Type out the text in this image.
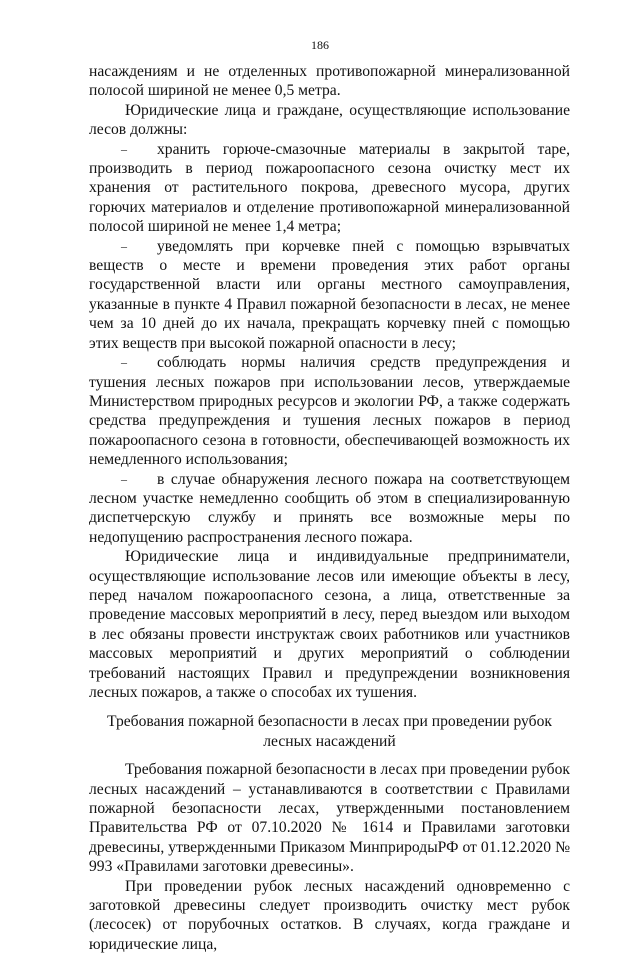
186

насаждениям и не отделенных противопожарной минерализованной полосой шириной не менее 0,5 метра.

Юридические лица и граждане, осуществляющие использование лесов должны:

– хранить горюче-смазочные материалы в закрытой таре, производить в период пожароопасного сезона очистку мест их хранения от растительного покрова, древесного мусора, других горючих материалов и отделение противопожарной минерализованной полосой шириной не менее 1,4 метра;

– уведомлять при корчевке пней с помощью взрывчатых веществ о месте и времени проведения этих работ органы государственной власти или органы местного самоуправления, указанные в пункте 4 Правил пожарной безопасности в лесах, не менее чем за 10 дней до их начала, прекращать корчевку пней с помощью этих веществ при высокой пожарной опасности в лесу;

– соблюдать нормы наличия средств предупреждения и тушения лесных пожаров при использовании лесов, утверждаемые Министерством природных ресурсов и экологии РФ, а также содержать средства предупреждения и тушения лесных пожаров в период пожароопасного сезона в готовности, обеспечивающей возможность их немедленного использования;

– в случае обнаружения лесного пожара на соответствующем лесном участке немедленно сообщить об этом в специализированную диспетчерскую службу и принять все возможные меры по недопущению распространения лесного пожара.

Юридические лица и индивидуальные предприниматели, осуществляющие использование лесов или имеющие объекты в лесу, перед началом пожароопасного сезона, а лица, ответственные за проведение массовых мероприятий в лесу, перед выездом или выходом в лес обязаны провести инструктаж своих работников или участников массовых мероприятий и других мероприятий о соблюдении требований настоящих Правил и предупреждении возникновения лесных пожаров, а также о способах их тушения.

Требования пожарной безопасности в лесах при проведении рубок лесных насаждений

Требования пожарной безопасности в лесах при проведении рубок лесных насаждений – устанавливаются в соответствии с Правилами пожарной безопасности лесах, утвержденными постановлением Правительства РФ от 07.10.2020 № 1614 и Правилами заготовки древесины, утвержденными Приказом МинприродыРФ от 01.12.2020 № 993 «Правилами заготовки древесины».

При проведении рубок лесных насаждений одновременно с заготовкой древесины следует производить очистку мест рубок (лесосек) от порубочных остатков. В случаях, когда граждане и юридические лица,
